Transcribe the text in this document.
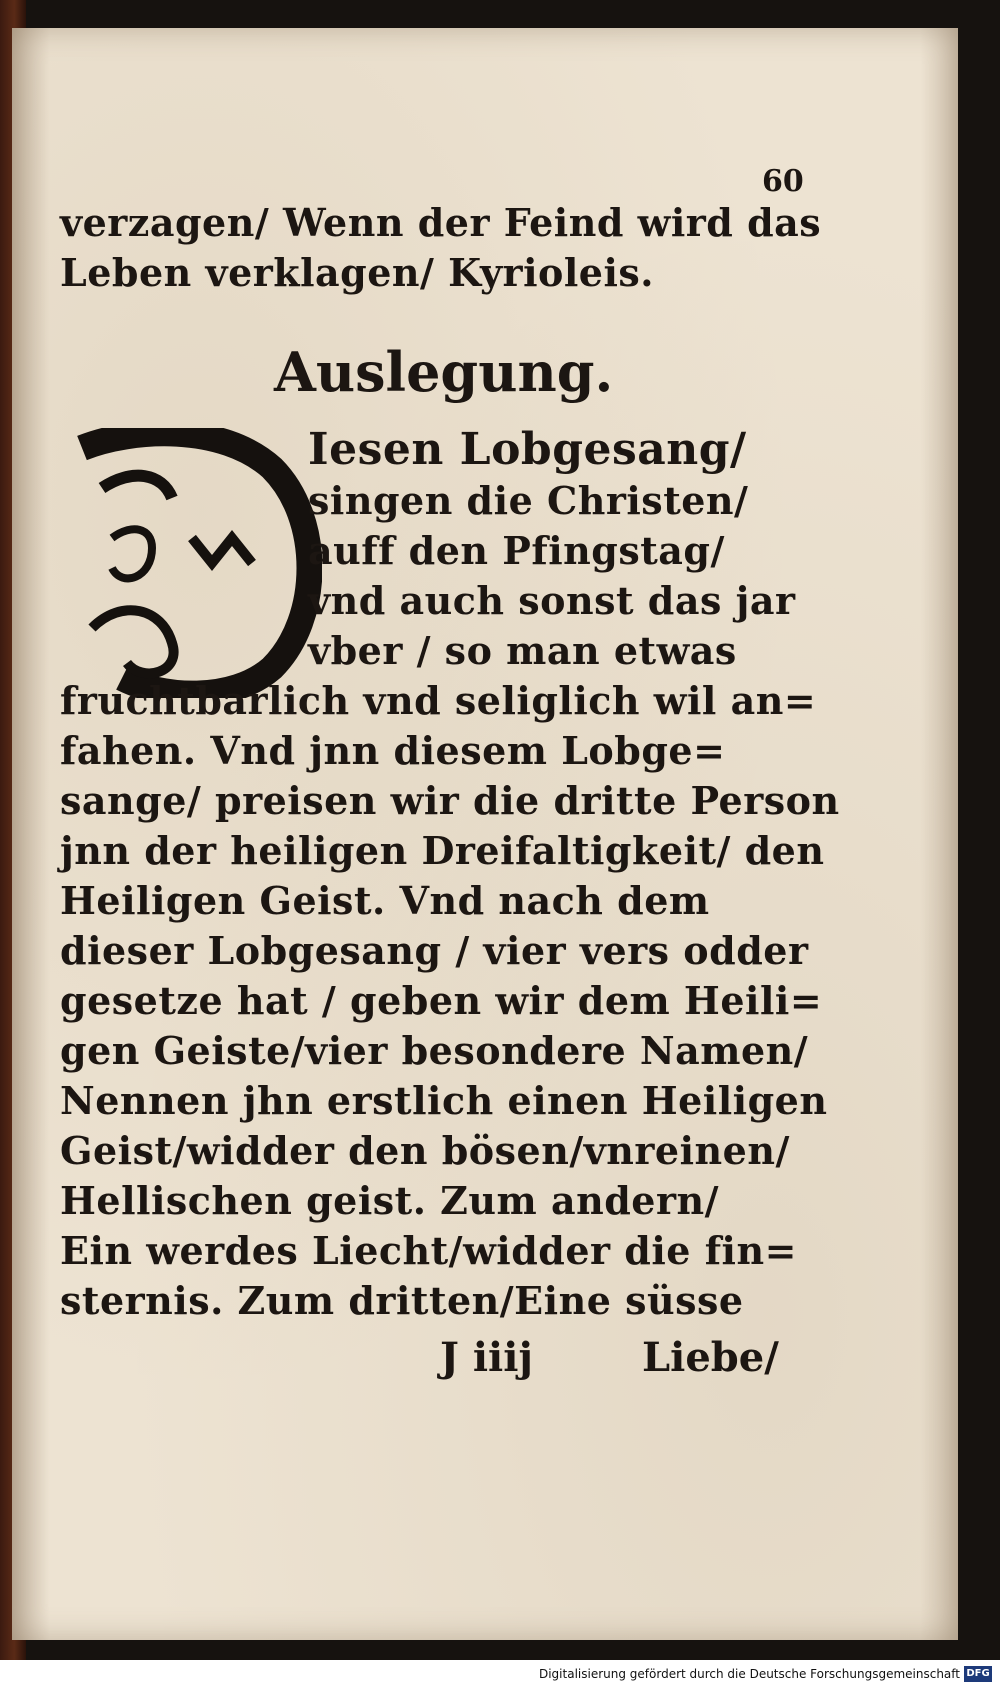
60
verzagen/ Wenn der Feind wird das
Leben verklagen/ Kyrioleis.
Auslegung.
Iesen Lobgesang/
singen die Christen/
auff den Pfingstag/
vnd auch sonst das jar
vber / so man etwas
fruchtbarlich vnd seliglich wil an=
fahen. Vnd jnn diesem Lobge=
sange/ preisen wir die dritte Person
jnn der heiligen Dreifaltigkeit/ den
Heiligen Geist. Vnd nach dem
dieser Lobgesang / vier vers odder
gesetze hat / geben wir dem Heili=
gen Geiste/vier besondere Namen/
Nennen jhn erstlich einen Heiligen
Geist/widder den bösen/vnreinen/
Hellischen geist. Zum andern/
Ein werdes Liecht/widder die fin=
sternis. Zum dritten/Eine süsse
J iiij	Liebe/
Digitalisierung gefördert durch die Deutsche Forschungsgemeinschaft DFG
